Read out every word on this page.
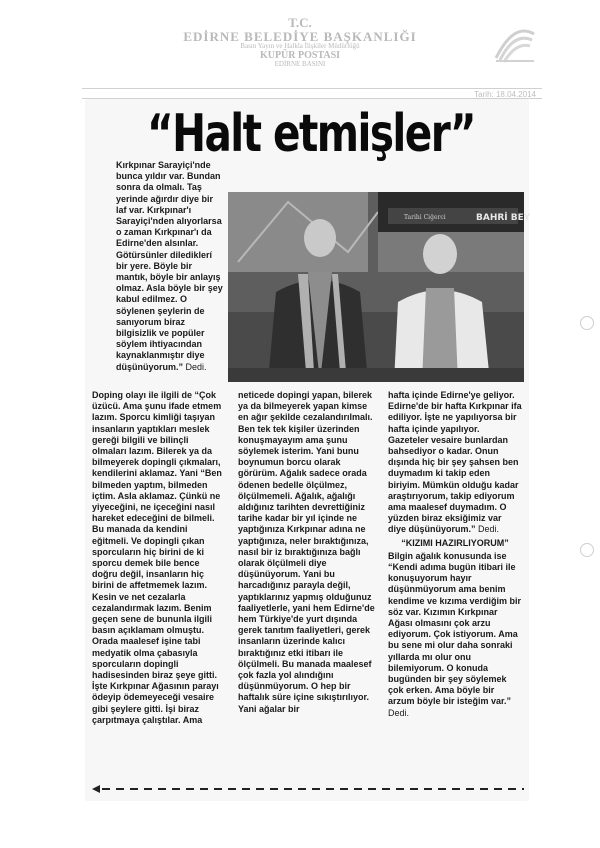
T.C.
EDİRNE BELEDİYE BAŞKANLIĞI
Basın Yayın ve Halkla İlişkiler Müdürlüğü
KUPÜR POSTASI
EDİRNE BASINI
Tarih: 18.04.2014
“Halt etmişler”

Kırkpınar Sarayiçi'nde bunca yıldır var. Bundan sonra da olmalı. Taş yerinde ağırdır diye bir laf var. Kırkpınar'ı Sarayiçi'nden alıyorlarsa o zaman Kırkpınar'ı da Edirne'den alsınlar. Götürsünler dilediklerí bir yere. Böyle bir mantık, böyle bir anlayış olmaz. Asla böyle bir şey kabul edilmez. O söylenen şeylerin de sanıyorum biraz bilgisizlik ve popüler söylem ihtiyacından kaynaklanmıştır diye düşünüyorum.” Dedi.

BAHRİ BEY
Tarihi Ciğerci

Doping olayı ile ilgili de “Çok üzücü. Ama şunu ifade etmem lazım. Sporcu kimliği taşıyan insanların yaptıkları meslek gereği bilgili ve bilinçli olmaları lazım. Bilerek ya da bilmeyerek dopingli çıkmaları, kendilerini aklamaz. Yani “Ben bilmeden yaptım, bilmeden içtim. Asla aklamaz. Çünkü ne yiyeceğini, ne içeceğini nasıl hareket edeceğini de bilmeli. Bu manada da kendini eğitmeli. Ve dopingli çıkan sporcuların hiç birini de ki sporcu demek bile bence doğru değil, insanların hiç birini de affetmemek lazım. Kesin ve net cezalarla cezalandırmak lazım. Benim geçen sene de bununla ilgili basın açıklamam olmuştu. Orada maalesef işine tabi medyatik olma çabasıyla sporcuların dopingli hadisesinden biraz şeye gitti. İşte Kırkpınar Ağasının parayı ödeyip ödemeyeceği vesaire gibi şeylere gitti. İşi biraz çarpıtmaya çalıştılar. Ama

neticede dopingi yapan, bilerek ya da bilmeyerek yapan kimse en ağır şekilde cezalandırılmalı. Ben tek tek kişiler üzerinden konuşmayayım ama şunu söylemek isterim. Yani bunu boynumun borcu olarak görürüm. Ağalık sadece orada ödenen bedelle ölçülmez, ölçülmemeli. Ağalık, ağalığı aldığınız tarihten devrettiğiniz tarihe kadar bir yıl içinde ne yaptığınıza Kırkpınar adına ne yaptığınıza, neler bıraktığınıza, nasıl bir iz bıraktığınıza bağlı olarak ölçülmeli diye düşünüyorum. Yani bu harcadığınız parayla değil, yaptıklarınız yapmış olduğunuz faaliyetlerle, yani hem Edirne'de hem Türkiye'de yurt dışında gerek tanıtım faaliyetleri, gerek insanların üzerinde kalıcı bıraktığınız etki itibarı ile ölçülmeli. Bu manada maalesef çok fazla yol alındığını düşünmüyorum. O hep bir haftalık süre içine sıkıştırılıyor. Yani ağalar bir

hafta içinde Edirne'ye geliyor. Edirne'de bir hafta Kırkpınar ifa ediliyor. İşte ne yapılıyorsa bir hafta içinde yapılıyor. Gazeteler vesaire bunlardan bahsediyor o kadar. Onun dışında hiç bir şey şahsen ben duymadım ki takip eden biriyim. Mümkün olduğu kadar araştırıyorum, takip ediyorum ama maalesef duymadım. O yüzden biraz eksiğimiz var diye düşünüyorum.” Dedi.

“KIZIMI HAZIRLIYORUM”

Bilgin ağalık konusunda ise “Kendi adıma bugün itibari ile konuşuyorum hayır düşünmüyorum ama benim kendime ve kızıma verdiğim bir söz var. Kızımın Kırkpınar Ağası olmasını çok arzu ediyorum. Çok istiyorum. Ama bu sene mi olur daha sonraki yıllarda mı olur onu bilemiyorum. O konuda bugünden bir şey söylemek çok erken. Ama böyle bir arzum böyle bir isteğim var.”

Dedi.
